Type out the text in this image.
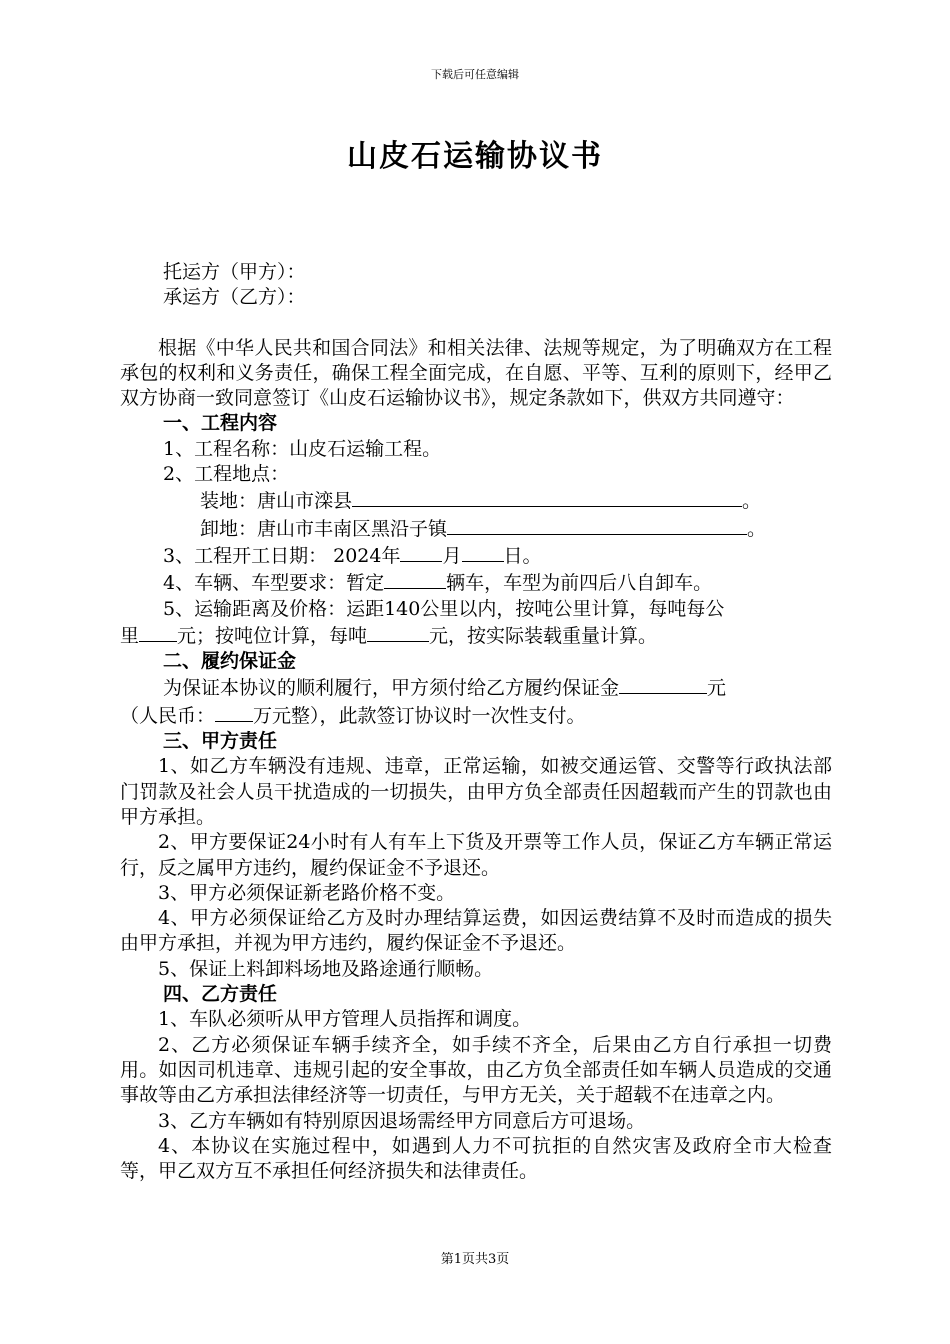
下载后可任意编辑
山皮石运输协议书
托运方（甲方）：
承运方（乙方）：
根据《中华人民共和国合同法》和相关法律、法规等规定，为了明确双方在工程承包的权利和义务责任，确保工程全面完成，在自愿、平等、互利的原则下，经甲乙双方协商一致同意签订《山皮石运输协议书》，规定条款如下，供双方共同遵守：
一、工程内容
1、工程名称：山皮石运输工程。
2、工程地点：
装地：唐山市滦县	。
卸地：唐山市丰南区黑沿子镇	。
3、工程开工日期： 2024年 月 日。
4、车辆、车型要求：暂定	辆车，车型为前四后八自卸车。
5、运输距离及价格：运距140公里以内，按吨公里计算，每吨每公
里 元；按吨位计算，每吨	元，按实际装载重量计算。
二、履约保证金
为保证本协议的顺利履行，甲方须付给乙方履约保证金	元
（人民币： 万元整），此款签订协议时一次性支付。
三、甲方责任
1、如乙方车辆没有违规、违章，正常运输，如被交通运管、交警等行政执法部门罚款及社会人员干扰造成的一切损失，由甲方负全部责任因超载而产生的罚款也由甲方承担。
2、甲方要保证24小时有人有车上下货及开票等工作人员，保证乙方车辆正常运行，反之属甲方违约，履约保证金不予退还。
3、甲方必须保证新老路价格不变。
4、甲方必须保证给乙方及时办理结算运费，如因运费结算不及时而造成的损失由甲方承担，并视为甲方违约，履约保证金不予退还。
5、保证上料卸料场地及路途通行顺畅。
四、乙方责任
1、车队必须听从甲方管理人员指挥和调度。
2、乙方必须保证车辆手续齐全，如手续不齐全，后果由乙方自行承担一切费用。如因司机违章、违规引起的安全事故，由乙方负全部责任如车辆人员造成的交通事故等由乙方承担法律经济等一切责任，与甲方无关，关于超载不在违章之内。
3、乙方车辆如有特别原因退场需经甲方同意后方可退场。
4、本协议在实施过程中，如遇到人力不可抗拒的自然灾害及政府全市大检查等，甲乙双方互不承担任何经济损失和法律责任。
第1页共3页
